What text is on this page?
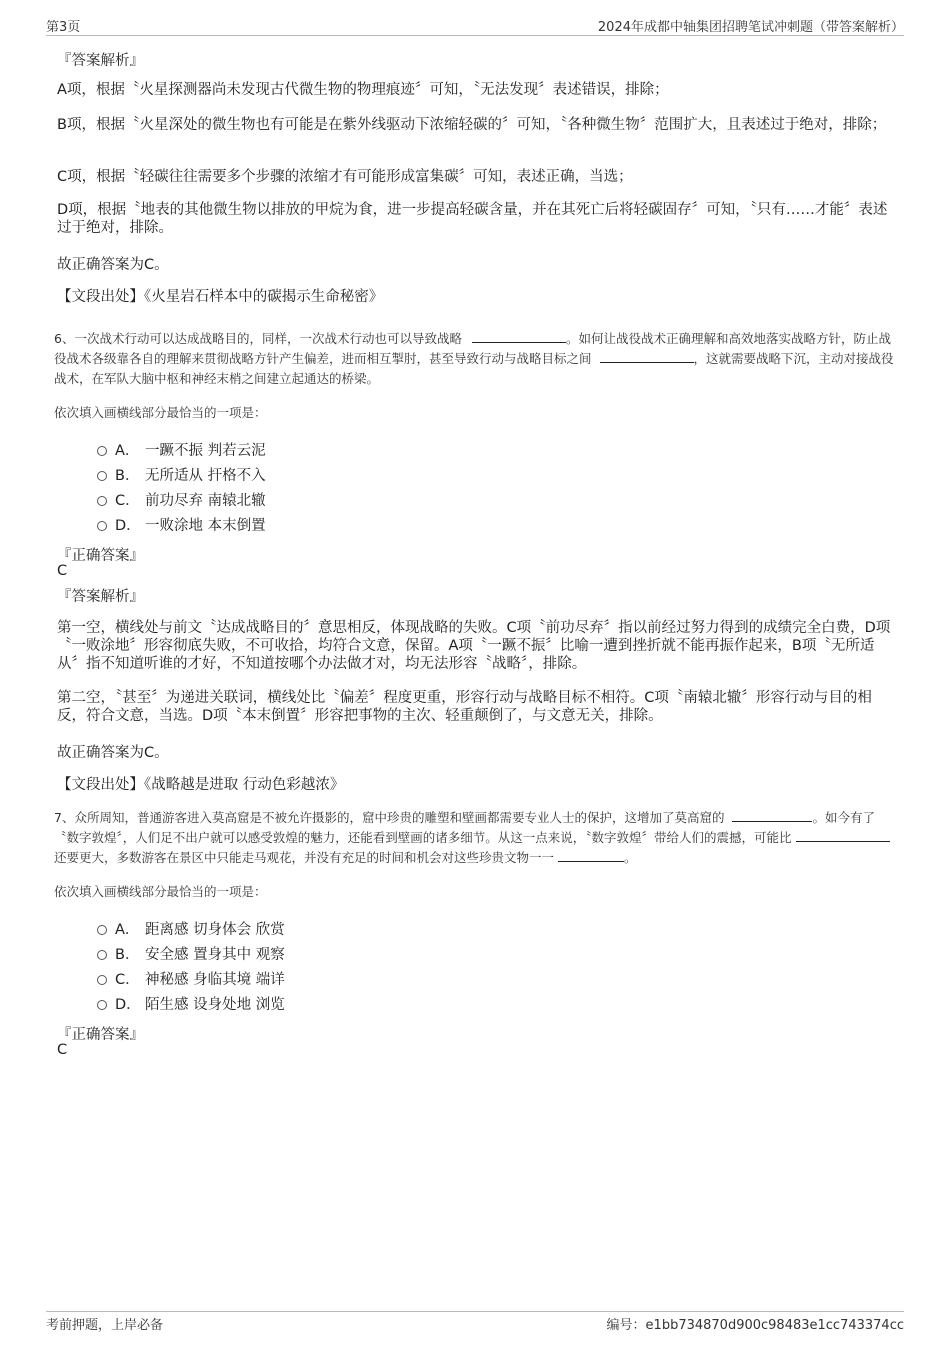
第3页	2024年成都中轴集团招聘笔试冲刺题（带答案解析）
『答案解析』
A项，根据〝火星探测器尚未发现古代微生物的物理痕迹〞可知，〝无法发现〞表述错误，排除；
B项，根据〝火星深处的微生物也有可能是在紫外线驱动下浓缩轻碳的〞可知，〝各种微生物〞范围扩大，且表述过于绝对，排除；
C项，根据〝轻碳往往需要多个步骤的浓缩才有可能形成富集碳〞可知，表述正确，当选；
D项，根据〝地表的其他微生物以排放的甲烷为食，进一步提高轻碳含量，并在其死亡后将轻碳固存〞可知，〝只有……才能〞表述过于绝对，排除。
故正确答案为C。
【文段出处】《火星岩石样本中的碳揭示生命秘密》
6、一次战术行动可以达成战略目的，同样，一次战术行动也可以导致战略	。如何让战役战术正确理解和高效地落实战略方针，防止战役战术各级靠各自的理解来贯彻战略方针产生偏差，进而相互掣肘，甚至导致行动与战略目标之间	，这就需要战略下沉，主动对接战役战术，在军队大脑中枢和神经末梢之间建立起通达的桥梁。
依次填入画横线部分最恰当的一项是：
A． 一蹶不振 判若云泥
B． 无所适从 扞格不入
C． 前功尽弃 南辕北辙
D． 一败涂地 本末倒置
『正确答案』
C
『答案解析』
第一空，横线处与前文〝达成战略目的〞意思相反，体现战略的失败。C项〝前功尽弃〞指以前经过努力得到的成绩完全白费，D项〝一败涂地〞形容彻底失败，不可收拾，均符合文意，保留。A项〝一蹶不振〞比喻一遭到挫折就不能再振作起来，B项〝无所适从〞指不知道听谁的才好，不知道按哪个办法做才对，均无法形容〝战略〞，排除。
第二空，〝甚至〞为递进关联词，横线处比〝偏差〞程度更重，形容行动与战略目标不相符。C项〝南辕北辙〞形容行动与目的相反，符合文意，当选。D项〝本末倒置〞形容把事物的主次、轻重颠倒了，与文意无关，排除。
故正确答案为C。
【文段出处】《战略越是进取 行动色彩越浓》
7、众所周知，普通游客进入莫高窟是不被允许摄影的，窟中珍贵的雕塑和壁画都需要专业人士的保护，这增加了莫高窟的	。如今有了〝数字敦煌〞，人们足不出户就可以感受敦煌的魅力，还能看到壁画的诸多细节。从这一点来说，〝数字敦煌〞带给人们的震撼，可能比 还要更大，多数游客在景区中只能走马观花，并没有充足的时间和机会对这些珍贵文物一一	。
依次填入画横线部分最恰当的一项是：
A． 距离感 切身体会 欣赏
B． 安全感 置身其中 观察
C． 神秘感 身临其境 端详
D． 陌生感 设身处地 浏览
『正确答案』
C
考前押题，上岸必备	编号：e1bb734870d900c98483e1cc743374cc
